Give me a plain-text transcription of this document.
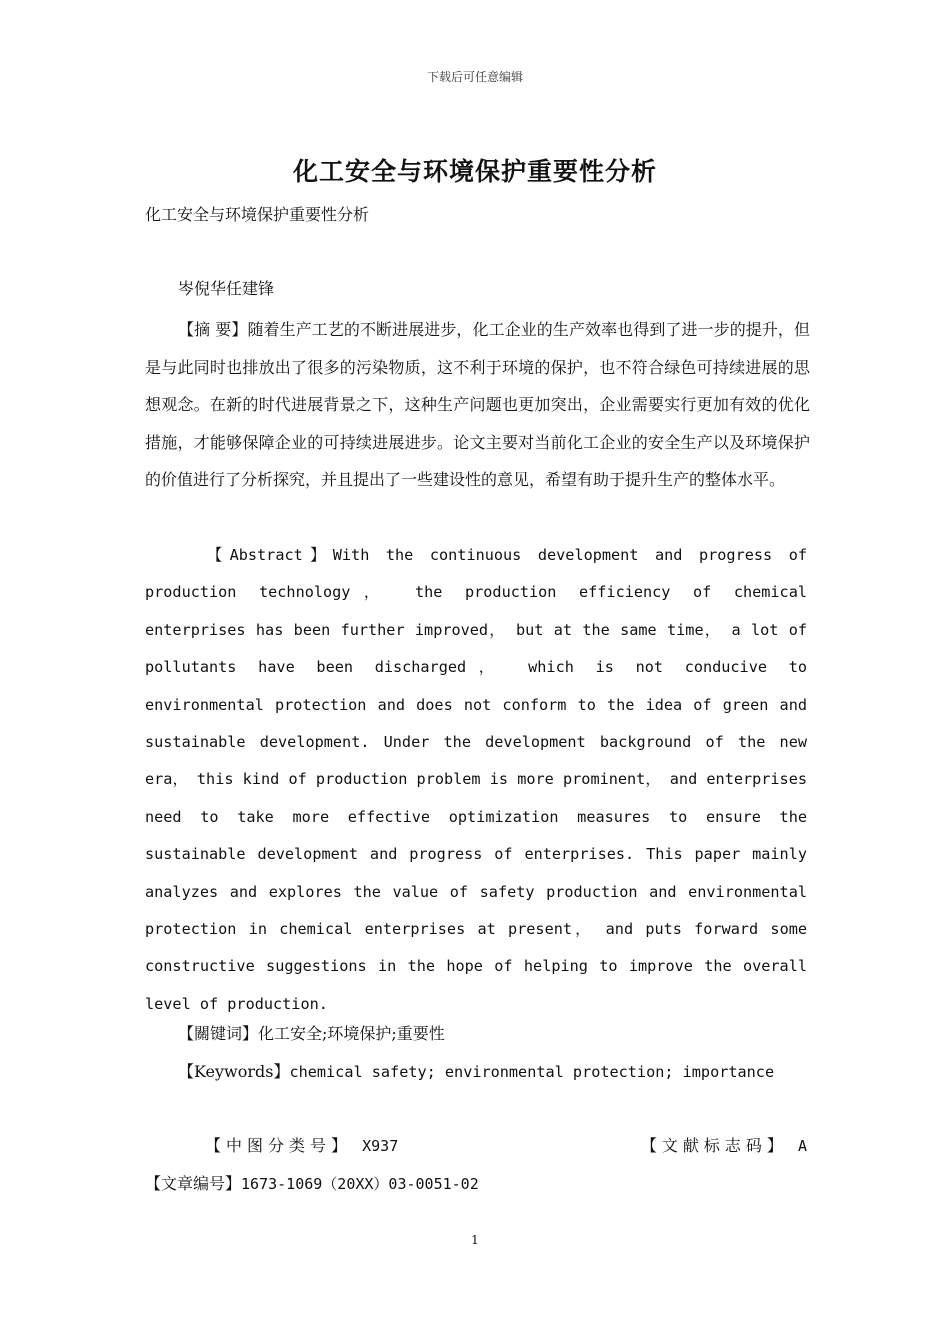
下载后可任意编辑
化工安全与环境保护重要性分析
化工安全与环境保护重要性分析
岑倪华任建锋
【摘 要】随着生产工艺的不断进展进步，化工企业的生产效率也得到了进一步的提升，但是与此同时也排放出了很多的污染物质，这不利于环境的保护，也不符合绿色可持续进展的思想观念。在新的时代进展背景之下，这种生产问题也更加突出，企业需要实行更加有效的优化措施，才能够保障企业的可持续进展进步。论文主要对当前化工企业的安全生产以及环境保护的价值进行了分析探究，并且提出了一些建设性的意见，希望有助于提升生产的整体水平。
【Abstract】With the continuous development and progress of production technology， the production efficiency of chemical enterprises has been further improved， but at the same time， a lot of pollutants have been discharged， which is not conducive to environmental protection and does not conform to the idea of green and sustainable development. Under the development background of the new era， this kind of production problem is more prominent， and enterprises need to take more effective optimization measures to ensure the sustainable development and progress of enterprises. This paper mainly analyzes and explores the value of safety production and environmental protection in chemical enterprises at present， and puts forward some constructive suggestions in the hope of helping to improve the overall level of production.
【關键词】化工安全;环境保护;重要性
【Keywords】chemical safety; environmental protection; importance
【中图分类号】 X937	【文献标志码】 A
【文章编号】1673-1069（20XX）03-0051-02
1
